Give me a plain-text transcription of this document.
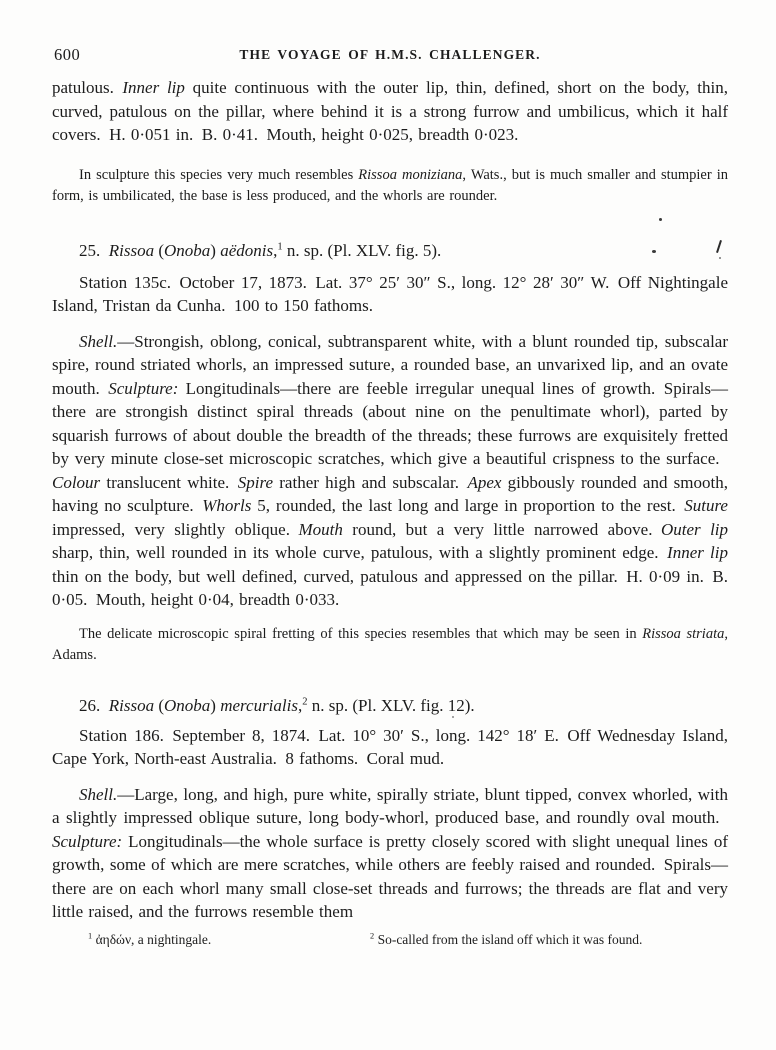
600	THE VOYAGE OF H.M.S. CHALLENGER.

patulous. Inner lip quite continuous with the outer lip, thin, defined, short on the body, thin, curved, patulous on the pillar, where behind it is a strong furrow and umbilicus, which it half covers. H. 0·051 in. B. 0·41. Mouth, height 0·025, breadth 0·023.

In sculpture this species very much resembles Rissoa moniziana, Wats., but is much smaller and stumpier in form, is umbilicated, the base is less produced, and the whorls are rounder.

25. Rissoa (Onoba) aëdonis,$^1$ n. sp. (Pl. XLV. fig. 5).

Station 135c. October 17, 1873. Lat. 37° 25′ 30″ S., long. 12° 28′ 30″ W. Off Nightingale Island, Tristan da Cunha. 100 to 150 fathoms.

Shell.—Strongish, oblong, conical, subtransparent white, with a blunt rounded tip, subscalar spire, round striated whorls, an impressed suture, a rounded base, an unvarixed lip, and an ovate mouth. Sculpture: Longitudinals—there are feeble irregular unequal lines of growth. Spirals—there are strongish distinct spiral threads (about nine on the penultimate whorl), parted by squarish furrows of about double the breadth of the threads; these furrows are exquisitely fretted by very minute close-set microscopic scratches, which give a beautiful crispness to the surface. Colour translucent white. Spire rather high and subscalar. Apex gibbously rounded and smooth, having no sculpture. Whorls 5, rounded, the last long and large in proportion to the rest. Suture impressed, very slightly oblique. Mouth round, but a very little narrowed above. Outer lip sharp, thin, well rounded in its whole curve, patulous, with a slightly prominent edge. Inner lip thin on the body, but well defined, curved, patulous and appressed on the pillar. H. 0·09 in. B. 0·05. Mouth, height 0·04, breadth 0·033.

The delicate microscopic spiral fretting of this species resembles that which may be seen in Rissoa striata, Adams.

26. Rissoa (Onoba) mercurialis,$^2$ n. sp. (Pl. XLV. fig. 12).

Station 186. September 8, 1874. Lat. 10° 30′ S., long. 142° 18′ E. Off Wednesday Island, Cape York, North-east Australia. 8 fathoms. Coral mud.

Shell.—Large, long, and high, pure white, spirally striate, blunt tipped, convex whorled, with a slightly impressed oblique suture, long body-whorl, produced base, and roundly oval mouth. Sculpture: Longitudinals—the whole surface is pretty closely scored with slight unequal lines of growth, some of which are mere scratches, while others are feebly raised and rounded. Spirals—there are on each whorl many small close-set threads and furrows; the threads are flat and very little raised, and the furrows resemble them

$^1$ ἀηδών, a nightingale.	$^2$ So-called from the island off which it was found.
